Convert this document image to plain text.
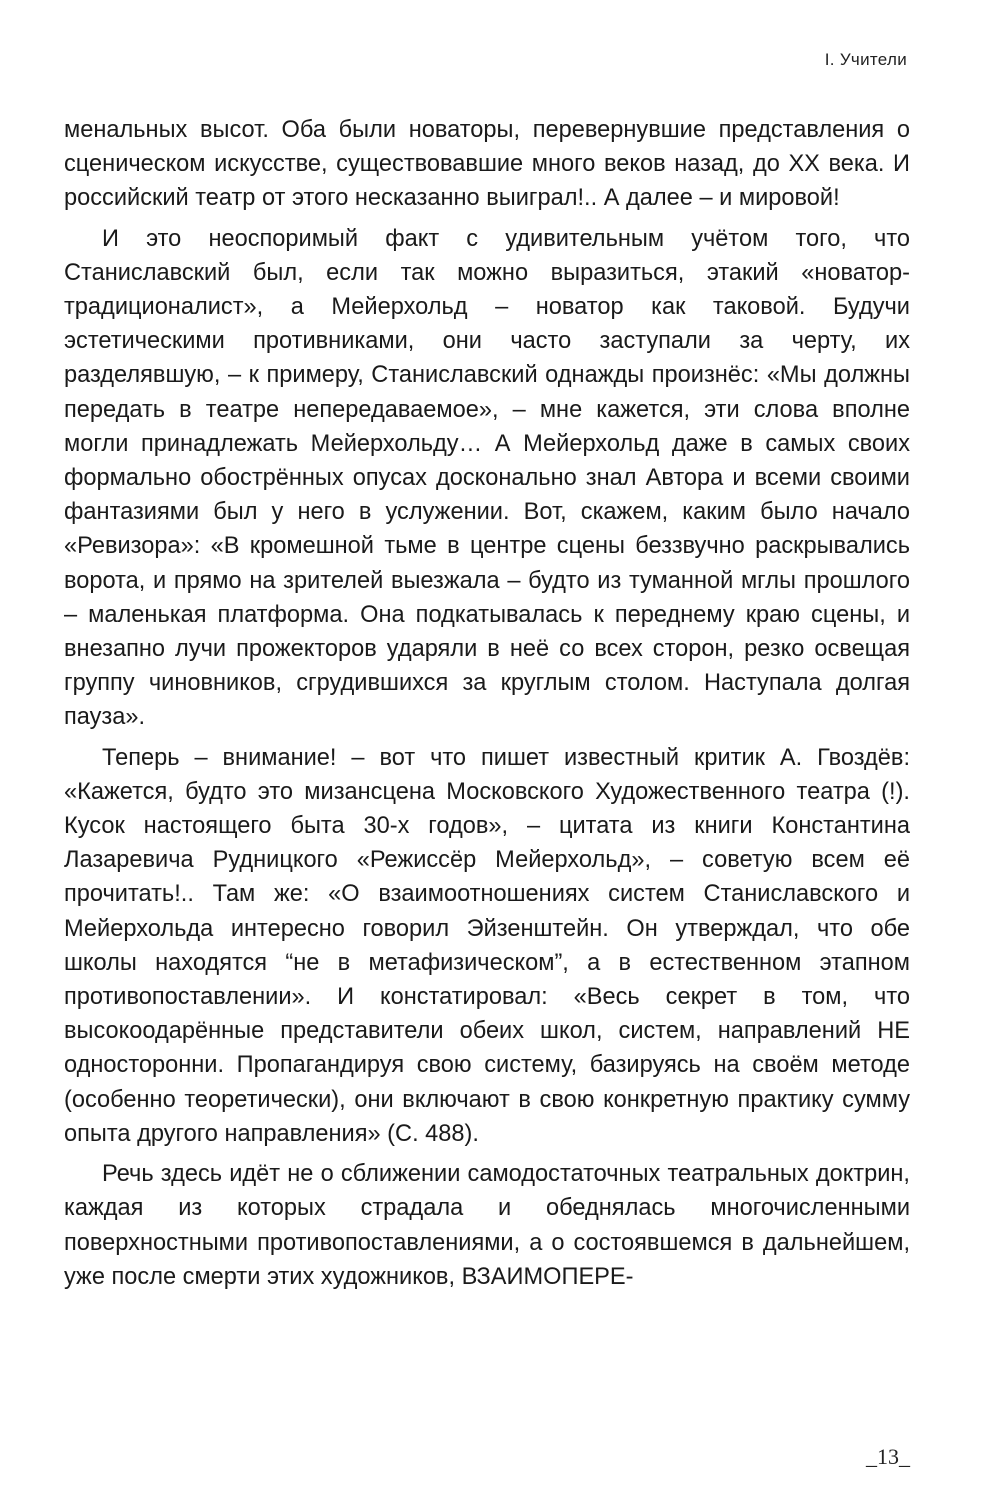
I. Учители

менальных высот. Оба были новаторы, перевернувшие представления о сценическом искусстве, существовавшие много веков назад, до XX века. И российский театр от этого несказанно выиграл!.. А далее – и мировой!

И это неоспоримый факт с удивительным учётом того, что Станиславский был, если так можно выразиться, этакий «новатор-традиционалист», а Мейерхольд – новатор как таковой. Будучи эстетическими противниками, они часто заступали за черту, их разделявшую, – к примеру, Станиславский однажды произнёс: «Мы должны передать в театре непередаваемое», – мне кажется, эти слова вполне могли принадлежать Мейерхольду… А Мейерхольд даже в самых своих формально обострённых опусах досконально знал Автора и всеми своими фантазиями был у него в услужении. Вот, скажем, каким было начало «Ревизора»: «В кромешной тьме в центре сцены беззвучно раскрывались ворота, и прямо на зрителей выезжала – будто из туманной мглы прошлого – маленькая платформа. Она подкатывалась к переднему краю сцены, и внезапно лучи прожекторов ударяли в неё со всех сторон, резко освещая группу чиновников, сгрудившихся за круглым столом. Наступала долгая пауза».

Теперь – внимание! – вот что пишет известный критик А. Гвоздёв: «Кажется, будто это мизансцена Московского Художественного театра (!). Кусок настоящего быта 30-х годов», – цитата из книги Константина Лазаревича Рудницкого «Режиссёр Мейерхольд», – советую всем её прочитать!.. Там же: «О взаимоотношениях систем Станиславского и Мейерхольда интересно говорил Эйзенштейн. Он утверждал, что обе школы находятся “не в метафизическом”, а в естественном этапном противопоставлении». И констатировал: «Весь секрет в том, что высокоодарённые представители обеих школ, систем, направлений НЕ односторонни. Пропагандируя свою систему, базируясь на своём методе (особенно теоретически), они включают в свою конкретную практику сумму опыта другого направления» (С. 488).

Речь здесь идёт не о сближении самодостаточных театральных доктрин, каждая из которых страдала и обеднялась многочисленными поверхностными противопоставлениями, а о состоявшемся в дальнейшем, уже после смерти этих художников, ВЗАИМОПЕРЕ-

_13_
